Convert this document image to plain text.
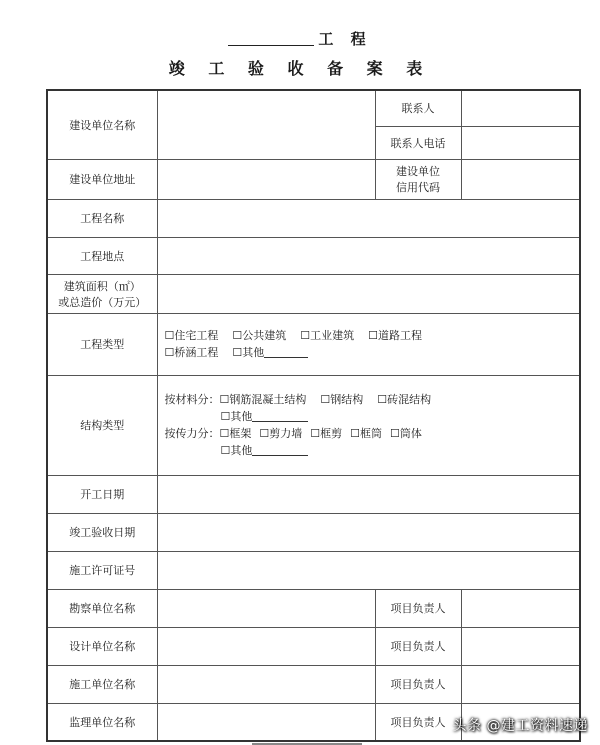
工 程
竣 工 验 收 备 案 表
建设单位名称		联系人	
		联系人电话	
建设单位地址		建设单位
信用代码	
工程名称			
工程地点			
建筑面积（㎡）
或总造价（万元）			
工程类型	☐住宅工程 ☐公共建筑 ☐工业建筑 ☐道路工程
☐桥涵工程 ☐其他		

结构类型	按材料分：☐钢筋混凝土结构 ☐钢结构 ☐砖混结构
☐其他
按传力分：☐框架 ☐剪力墙 ☐框剪 ☐框筒 ☐筒体
☐其他		

开工日期			
竣工验收日期			
施工许可证号			
勘察单位名称		项目负责人	
设计单位名称		项目负责人	
施工单位名称		项目负责人	
监理单位名称		项目负责人	头条 @建工资料速递
